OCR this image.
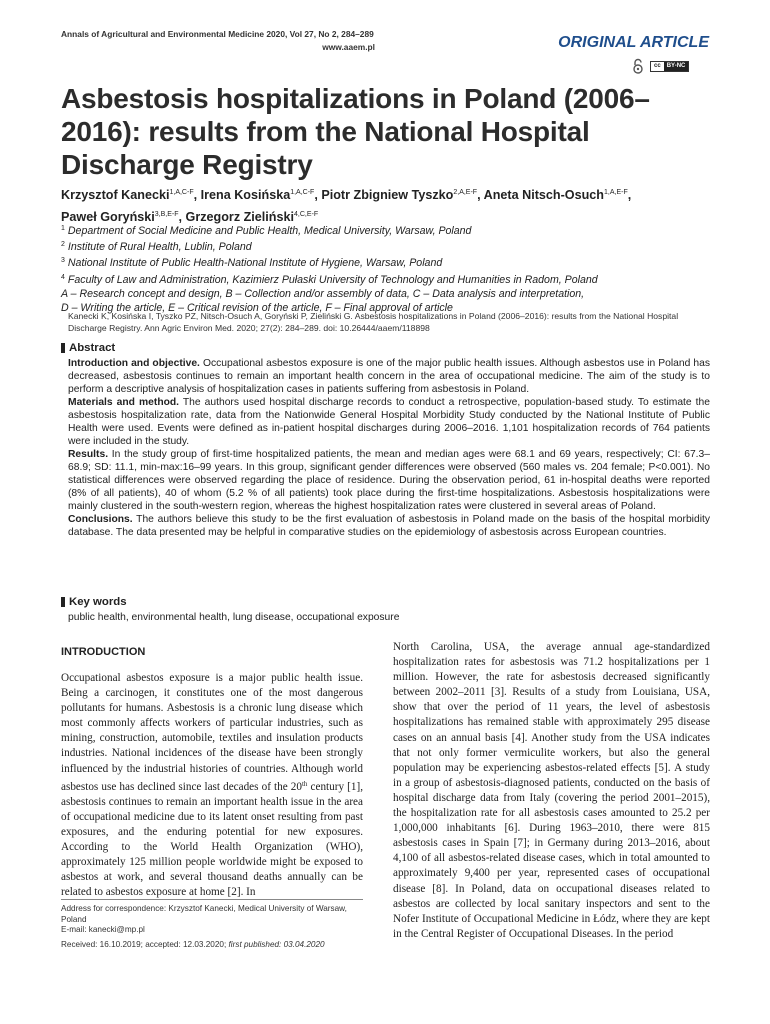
Annals of Agricultural and Environmental Medicine 2020, Vol 27, No 2, 284–289
www.aaem.pl	ORIGINAL ARTICLE
cc	BY-NC
Asbestosis hospitalizations in Poland (2006–2016): results from the National Hospital Discharge Registry
Krzysztof Kanecki$^{1,A,C-F}$, Irena Kosińska$^{1,A,C-F}$, Piotr Zbigniew Tyszko$^{2,A,E-F}$, Aneta Nitsch-Osuch$^{1,A,E-F}$,
Paweł Goryński$^{3,B,E-F}$, Grzegorz Zieliński$^{4,C,E-F}$
$^1$ Department of Social Medicine and Public Health, Medical University, Warsaw, Poland
$^2$ Institute of Rural Health, Lublin, Poland
$^3$ National Institute of Public Health-National Institute of Hygiene, Warsaw, Poland
$^4$ Faculty of Law and Administration, Kazimierz Pułaski University of Technology and Humanities in Radom, Poland
A – Research concept and design, B – Collection and/or assembly of data, C – Data analysis and interpretation,
D – Writing the article, E – Critical revision of the article, F – Final approval of article
Kanecki K, Kosińska I, Tyszko PZ, Nitsch-Osuch A, Goryński P, Zieliński G. Asbestosis hospitalizations in Poland (2006–2016): results from the National Hospital Discharge Registry. Ann Agric Environ Med. 2020; 27(2): 284–289. doi: 10.26444/aaem/118898
Abstract

Introduction and objective. Occupational asbestos exposure is one of the major public health issues. Although asbestos use in Poland has decreased, asbestosis continues to remain an important health concern in the area of occupational medicine. The aim of the study is to perform a descriptive analysis of hospitalization cases in patients suffering from asbestosis in Poland.

Materials and method. The authors used hospital discharge records to conduct a retrospective, population-based study. To estimate the asbestosis hospitalization rate, data from the Nationwide General Hospital Morbidity Study conducted by the National Institute of Public Health were used. Events were defined as in-patient hospital discharges during 2006–2016. 1,101 hospitalization records of 764 patients were included in the study.

Results. In the study group of first-time hospitalized patients, the mean and median ages were 68.1 and 69 years, respectively; CI: 67.3–68.9; SD: 11.1, min-max:16–99 years. In this group, significant gender differences were observed (560 males vs. 204 female; P<0.001). No statistical differences were observed regarding the place of residence. During the observation period, 61 in-hospital deaths were reported (8% of all patients), 40 of whom (5.2 % of all patients) took place during the first-time hospitalizations. Asbestosis hospitalizations were mainly clustered in the south-western region, whereas the highest hospitalization rates were clustered in several areas of Poland.

Conclusions. The authors believe this study to be the first evaluation of asbestosis in Poland made on the basis of the hospital morbidity database. The data presented may be helpful in comparative studies on the epidemiology of asbestosis across European countries.

Key words
public health, environmental health, lung disease, occupational exposure
INTRODUCTION
Occupational asbestos exposure is a major public health issue. Being a carcinogen, it constitutes one of the most dangerous pollutants for humans. Asbestosis is a chronic lung disease which most commonly affects workers of particular industries, such as mining, construction, automobile, textiles and insulation products industries. National incidences of the disease have been strongly influenced by the industrial histories of countries. Although world asbestos use has declined since last decades of the 20th century [1], asbestosis continues to remain an important health issue in the area of occupational medicine due to its latent onset resulting from past exposures, and the enduring potential for new exposures. According to the World Health Organization (WHO), approximately 125 million people worldwide might be exposed to asbestos at work, and several thousand deaths annually can be related to asbestos exposure at home [2]. In
North Carolina, USA, the average annual age-standardized hospitalization rates for asbestosis was 71.2 hospitalizations per 1 million. However, the rate for asbestosis decreased significantly between 2002–2011 [3]. Results of a study from Louisiana, USA, show that over the period of 11 years, the level of asbestosis hospitalizations has remained stable with approximately 295 disease cases on an annual basis [4]. Another study from the USA indicates that not only former vermiculite workers, but also the general population may be experiencing asbestos-related effects [5]. A study in a group of asbestosis-diagnosed patients, conducted on the basis of hospital discharge data from Italy (covering the period 2001–2015), the hospitalization rate for all asbestosis cases amounted to 25.2 per 1,000,000 inhabitants [6]. During 1963–2010, there were 815 asbestosis cases in Spain [7]; in Germany during 2013–2016, about 4,100 of all asbestos-related disease cases, which in total amounted to approximately 9,400 per year, represented cases of occupational disease [8]. In Poland, data on occupational diseases related to asbestos are collected by local sanitary inspectors and sent to the Nofer Institute of Occupational Medicine in Łódz, where they are kept in the Central Register of Occupational Diseases. In the period
Address for correspondence: Krzysztof Kanecki, Medical University of Warsaw, Poland
E-mail: kanecki@mp.pl
Received: 16.10.2019; accepted: 12.03.2020; first published: 03.04.2020
